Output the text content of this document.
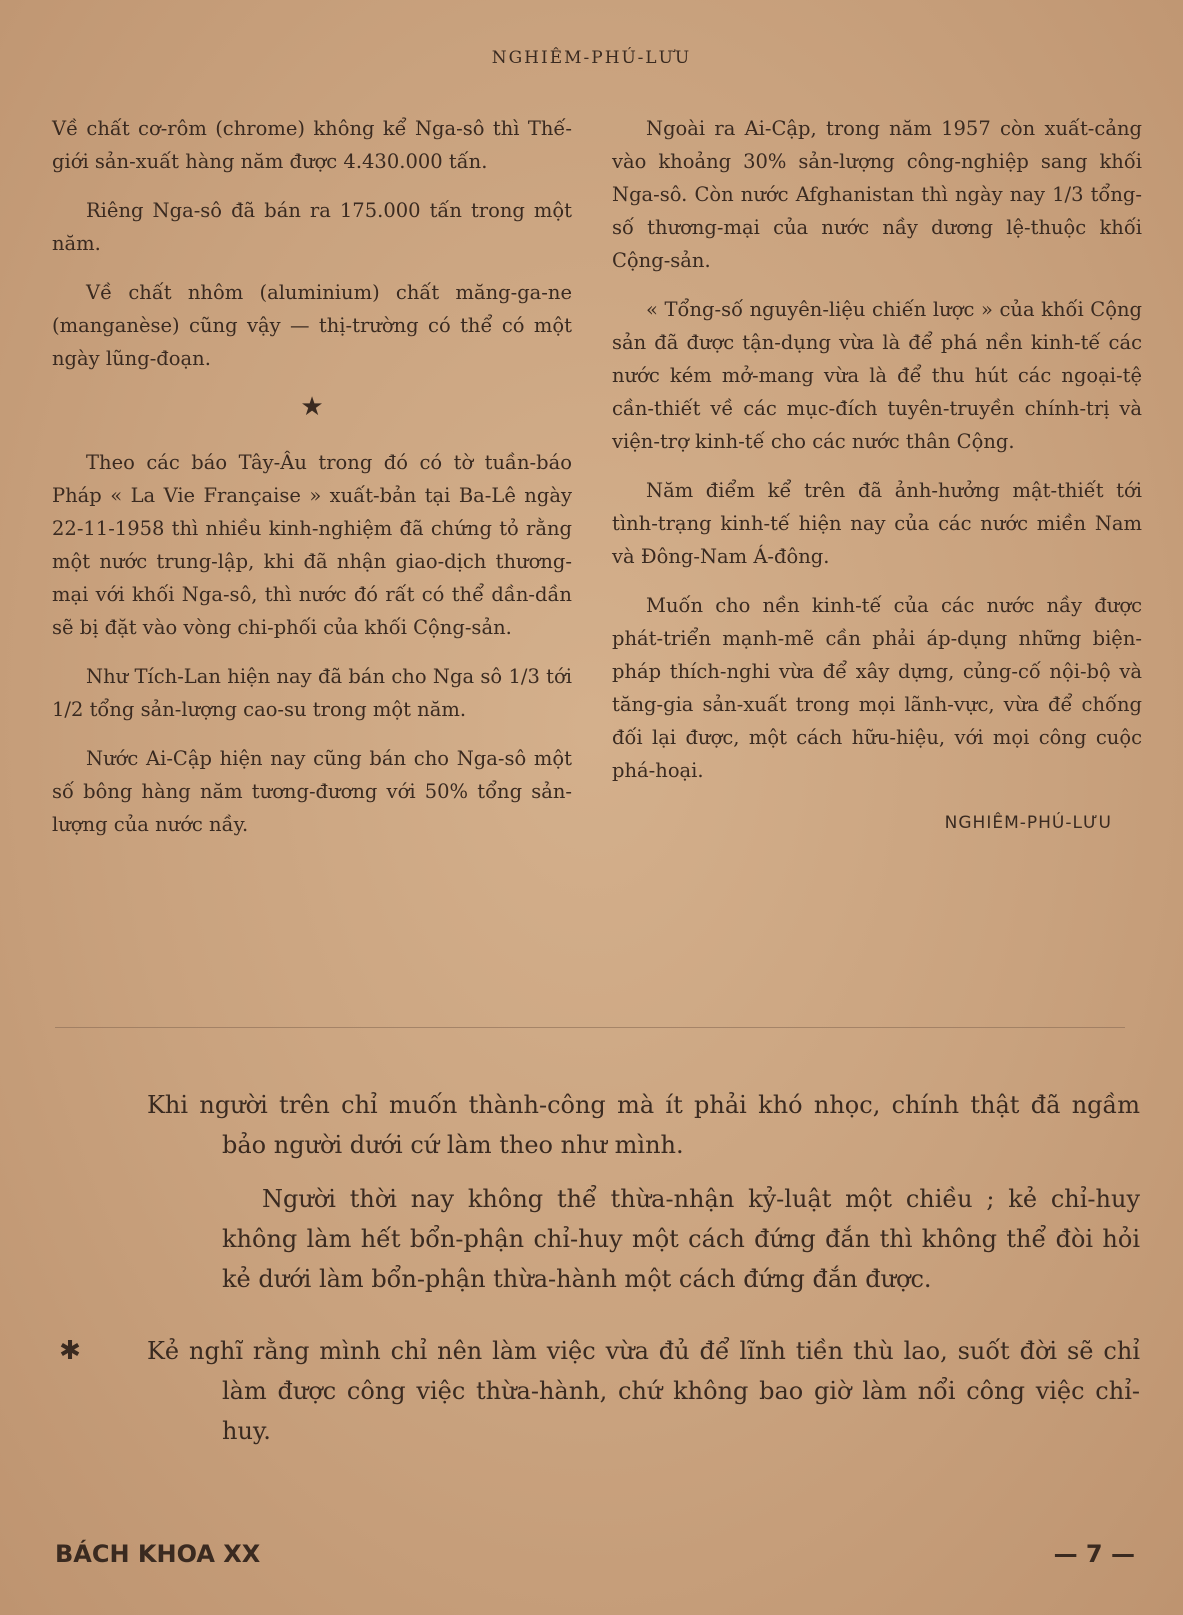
NGHIÊM-PHÚ-LƯU

Về chất cơ-rôm (chrome) không kể Nga-sô thì Thế-giới sản-xuất hàng năm được 4.430.000 tấn.

Riêng Nga-sô đã bán ra 175.000 tấn trong một năm.

Về chất nhôm (aluminium) chất măng-ga-ne (manganèse) cũng vậy — thị-trường có thể có một ngày lũng-đoạn.

★

Theo các báo Tây-Âu trong đó có tờ tuần-báo Pháp « La Vie Française » xuất-bản tại Ba-Lê ngày 22-11-1958 thì nhiều kinh-nghiệm đã chứng tỏ rằng một nước trung-lập, khi đã nhận giao-dịch thương-mại với khối Nga-sô, thì nước đó rất có thể dần-dần sẽ bị đặt vào vòng chi-phối của khối Cộng-sản.

Như Tích-Lan hiện nay đã bán cho Nga sô 1/3 tới 1/2 tổng sản-lượng cao-su trong một năm.

Nước Ai-Cập hiện nay cũng bán cho Nga-sô một số bông hàng năm tương-đương với 50% tổng sản-lượng của nước nầy.

Ngoài ra Ai-Cập, trong năm 1957 còn xuất-cảng vào khoảng 30% sản-lượng công-nghiệp sang khối Nga-sô. Còn nước Afghanistan thì ngày nay 1/3 tổng-số thương-mại của nước nầy dương lệ-thuộc khối Cộng-sản.

« Tổng-số nguyên-liệu chiến lược » của khối Cộng sản đã được tận-dụng vừa là để phá nền kinh-tế các nước kém mở-mang vừa là để thu hút các ngoại-tệ cần-thiết về các mục-đích tuyên-truyền chính-trị và viện-trợ kinh-tế cho các nước thân Cộng.

Năm điểm kể trên đã ảnh-hưởng mật-thiết tới tình-trạng kinh-tế hiện nay của các nước miền Nam và Đông-Nam Á-đông.

Muốn cho nền kinh-tế của các nước nầy được phát-triển mạnh-mẽ cần phải áp-dụng những biện-pháp thích-nghi vừa để xây dựng, củng-cố nội-bộ và tăng-gia sản-xuất trong mọi lãnh-vực, vừa để chống đối lại được, một cách hữu-hiệu, với mọi công cuộc phá-hoại.

NGHIÊM-PHÚ-LƯU

Khi người trên chỉ muốn thành-công mà ít phải khó nhọc, chính thật đã ngầm bảo người dưới cứ làm theo như mình.

Người thời nay không thể thừa-nhận kỷ-luật một chiều ; kẻ chỉ-huy không làm hết bổn-phận chỉ-huy một cách đứng đắn thì không thể đòi hỏi kẻ dưới làm bổn-phận thừa-hành một cách đứng đắn được.

✱	Kẻ nghĩ rằng mình chỉ nên làm việc vừa đủ để lĩnh tiền thù lao, suốt đời sẽ chỉ làm được công việc thừa-hành, chứ không bao giờ làm nổi công việc chỉ-huy.

BÁCH KHOA XX	— 7 —
